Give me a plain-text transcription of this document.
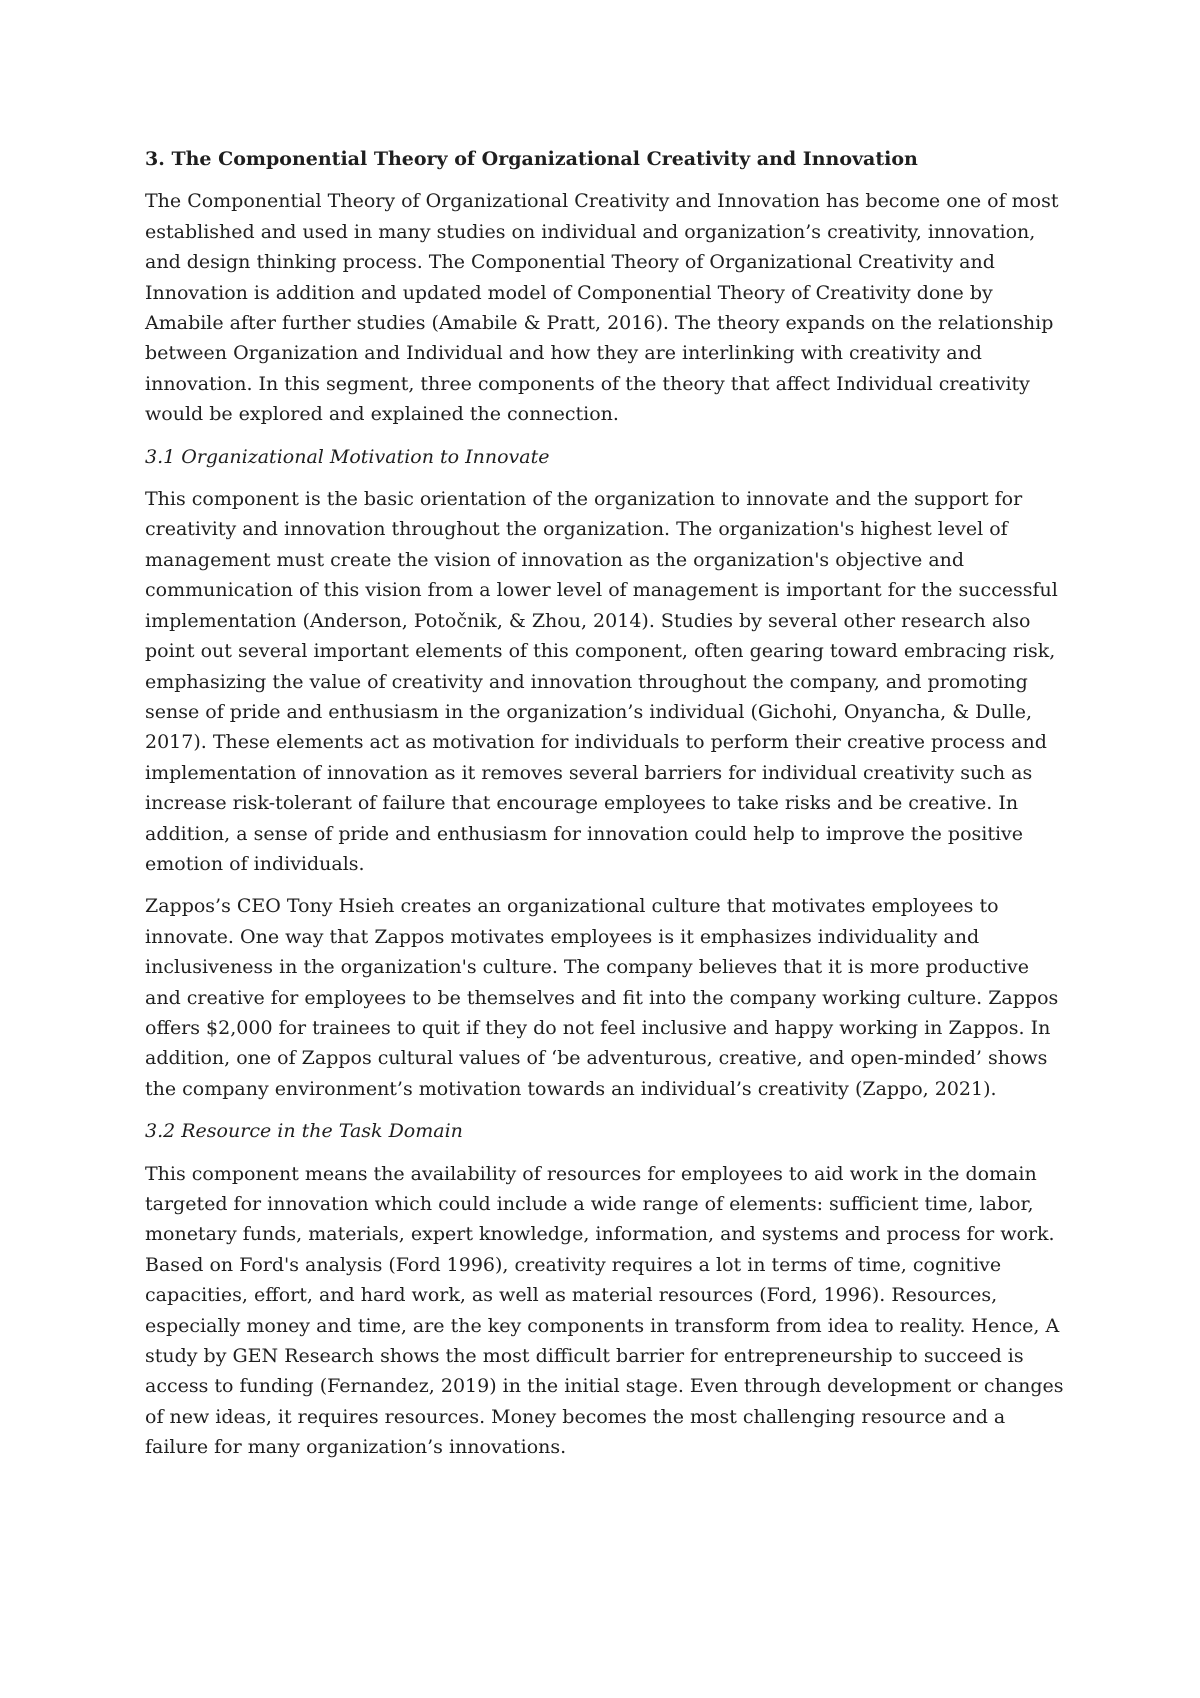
3. The Componential Theory of Organizational Creativity and Innovation

The Componential Theory of Organizational Creativity and Innovation has become one of most established and used in many studies on individual and organization’s creativity, innovation, and design thinking process. The Componential Theory of Organizational Creativity and Innovation is addition and updated model of Componential Theory of Creativity done by Amabile after further studies (Amabile & Pratt, 2016). The theory expands on the relationship between Organization and Individual and how they are interlinking with creativity and innovation. In this segment, three components of the theory that affect Individual creativity would be explored and explained the connection.

3.1 Organizational Motivation to Innovate

This component is the basic orientation of the organization to innovate and the support for creativity and innovation throughout the organization. The organization's highest level of management must create the vision of innovation as the organization's objective and communication of this vision from a lower level of management is important for the successful implementation (Anderson, Potočnik, & Zhou, 2014). Studies by several other research also point out several important elements of this component, often gearing toward embracing risk, emphasizing the value of creativity and innovation throughout the company, and promoting sense of pride and enthusiasm in the organization’s individual (Gichohi, Onyancha, & Dulle, 2017). These elements act as motivation for individuals to perform their creative process and implementation of innovation as it removes several barriers for individual creativity such as increase risk-tolerant of failure that encourage employees to take risks and be creative. In addition, a sense of pride and enthusiasm for innovation could help to improve the positive emotion of individuals.

Zappos’s CEO Tony Hsieh creates an organizational culture that motivates employees to innovate. One way that Zappos motivates employees is it emphasizes individuality and inclusiveness in the organization's culture. The company believes that it is more productive and creative for employees to be themselves and fit into the company working culture. Zappos offers $2,000 for trainees to quit if they do not feel inclusive and happy working in Zappos. In addition, one of Zappos cultural values of ‘be adventurous, creative, and open-minded’ shows the company environment’s motivation towards an individual’s creativity (Zappo, 2021).

3.2 Resource in the Task Domain

This component means the availability of resources for employees to aid work in the domain targeted for innovation which could include a wide range of elements: sufficient time, labor, monetary funds, materials, expert knowledge, information, and systems and process for work. Based on Ford's analysis (Ford 1996), creativity requires a lot in terms of time, cognitive capacities, effort, and hard work, as well as material resources (Ford, 1996). Resources, especially money and time, are the key components in transform from idea to reality. Hence, A study by GEN Research shows the most difficult barrier for entrepreneurship to succeed is access to funding (Fernandez, 2019) in the initial stage. Even through development or changes of new ideas, it requires resources. Money becomes the most challenging resource and a failure for many organization’s innovations.
